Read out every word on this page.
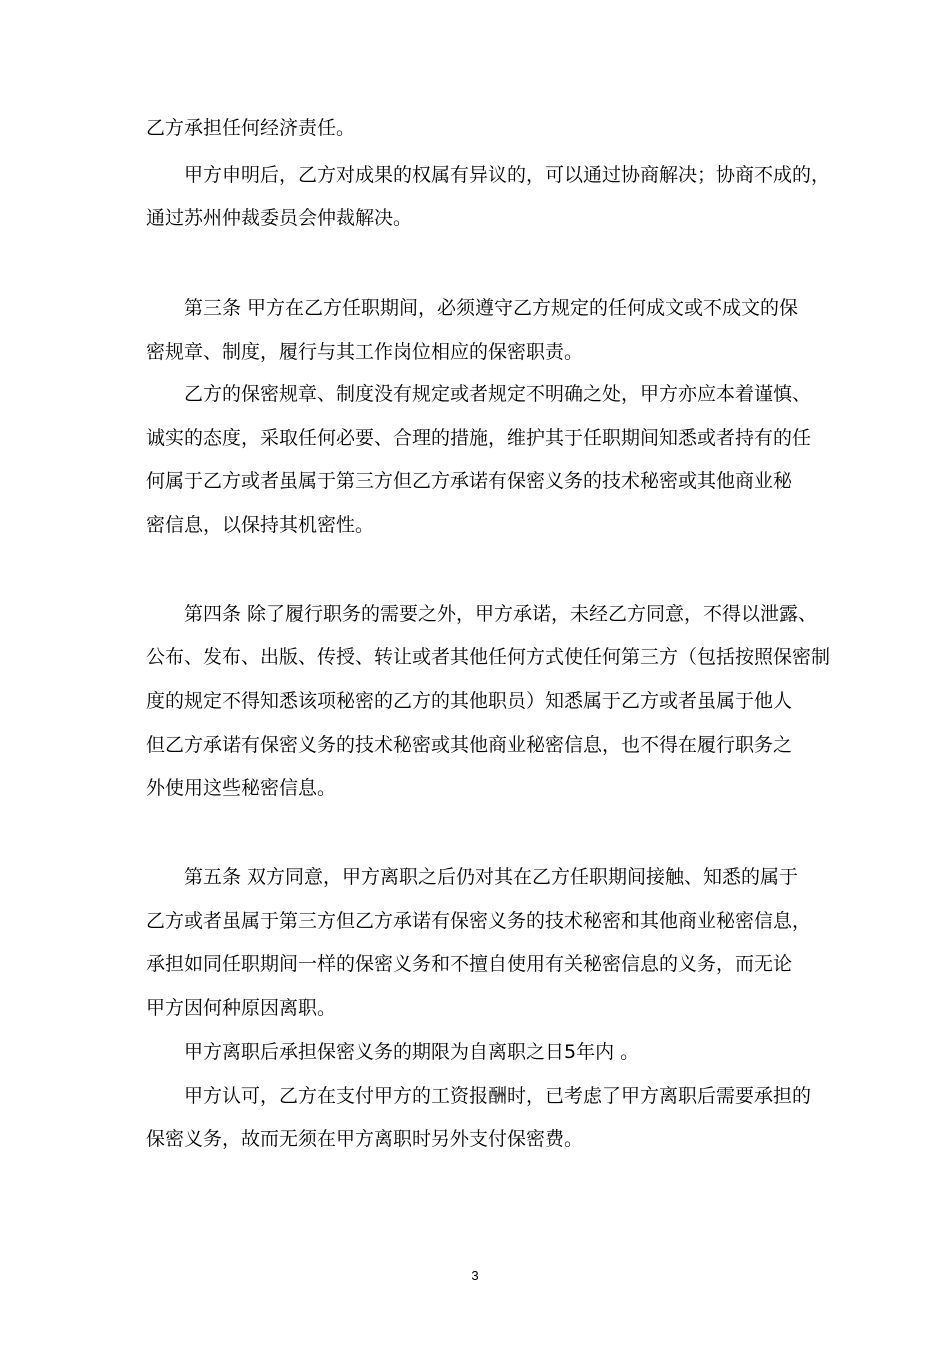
乙方承担任何经济责任。
甲方申明后，乙方对成果的权属有异议的，可以通过协商解决；协商不成的，
通过苏州仲裁委员会仲裁解决。
第三条 甲方在乙方任职期间，必须遵守乙方规定的任何成文或不成文的保
密规章、制度，履行与其工作岗位相应的保密职责。
乙方的保密规章、制度没有规定或者规定不明确之处，甲方亦应本着谨慎、
诚实的态度，采取任何必要、合理的措施，维护其于任职期间知悉或者持有的任
何属于乙方或者虽属于第三方但乙方承诺有保密义务的技术秘密或其他商业秘
密信息，以保持其机密性。
第四条 除了履行职务的需要之外，甲方承诺，未经乙方同意，不得以泄露、
公布、发布、出版、传授、转让或者其他任何方式使任何第三方（包括按照保密制
度的规定不得知悉该项秘密的乙方的其他职员）知悉属于乙方或者虽属于他人
但乙方承诺有保密义务的技术秘密或其他商业秘密信息，也不得在履行职务之
外使用这些秘密信息。
第五条 双方同意，甲方离职之后仍对其在乙方任职期间接触、知悉的属于
乙方或者虽属于第三方但乙方承诺有保密义务的技术秘密和其他商业秘密信息，
承担如同任职期间一样的保密义务和不擅自使用有关秘密信息的义务，而无论
甲方因何种原因离职。
甲方离职后承担保密义务的期限为自离职之日5年内 。
甲方认可，乙方在支付甲方的工资报酬时，已考虑了甲方离职后需要承担的
保密义务，故而无须在甲方离职时另外支付保密费。
3
